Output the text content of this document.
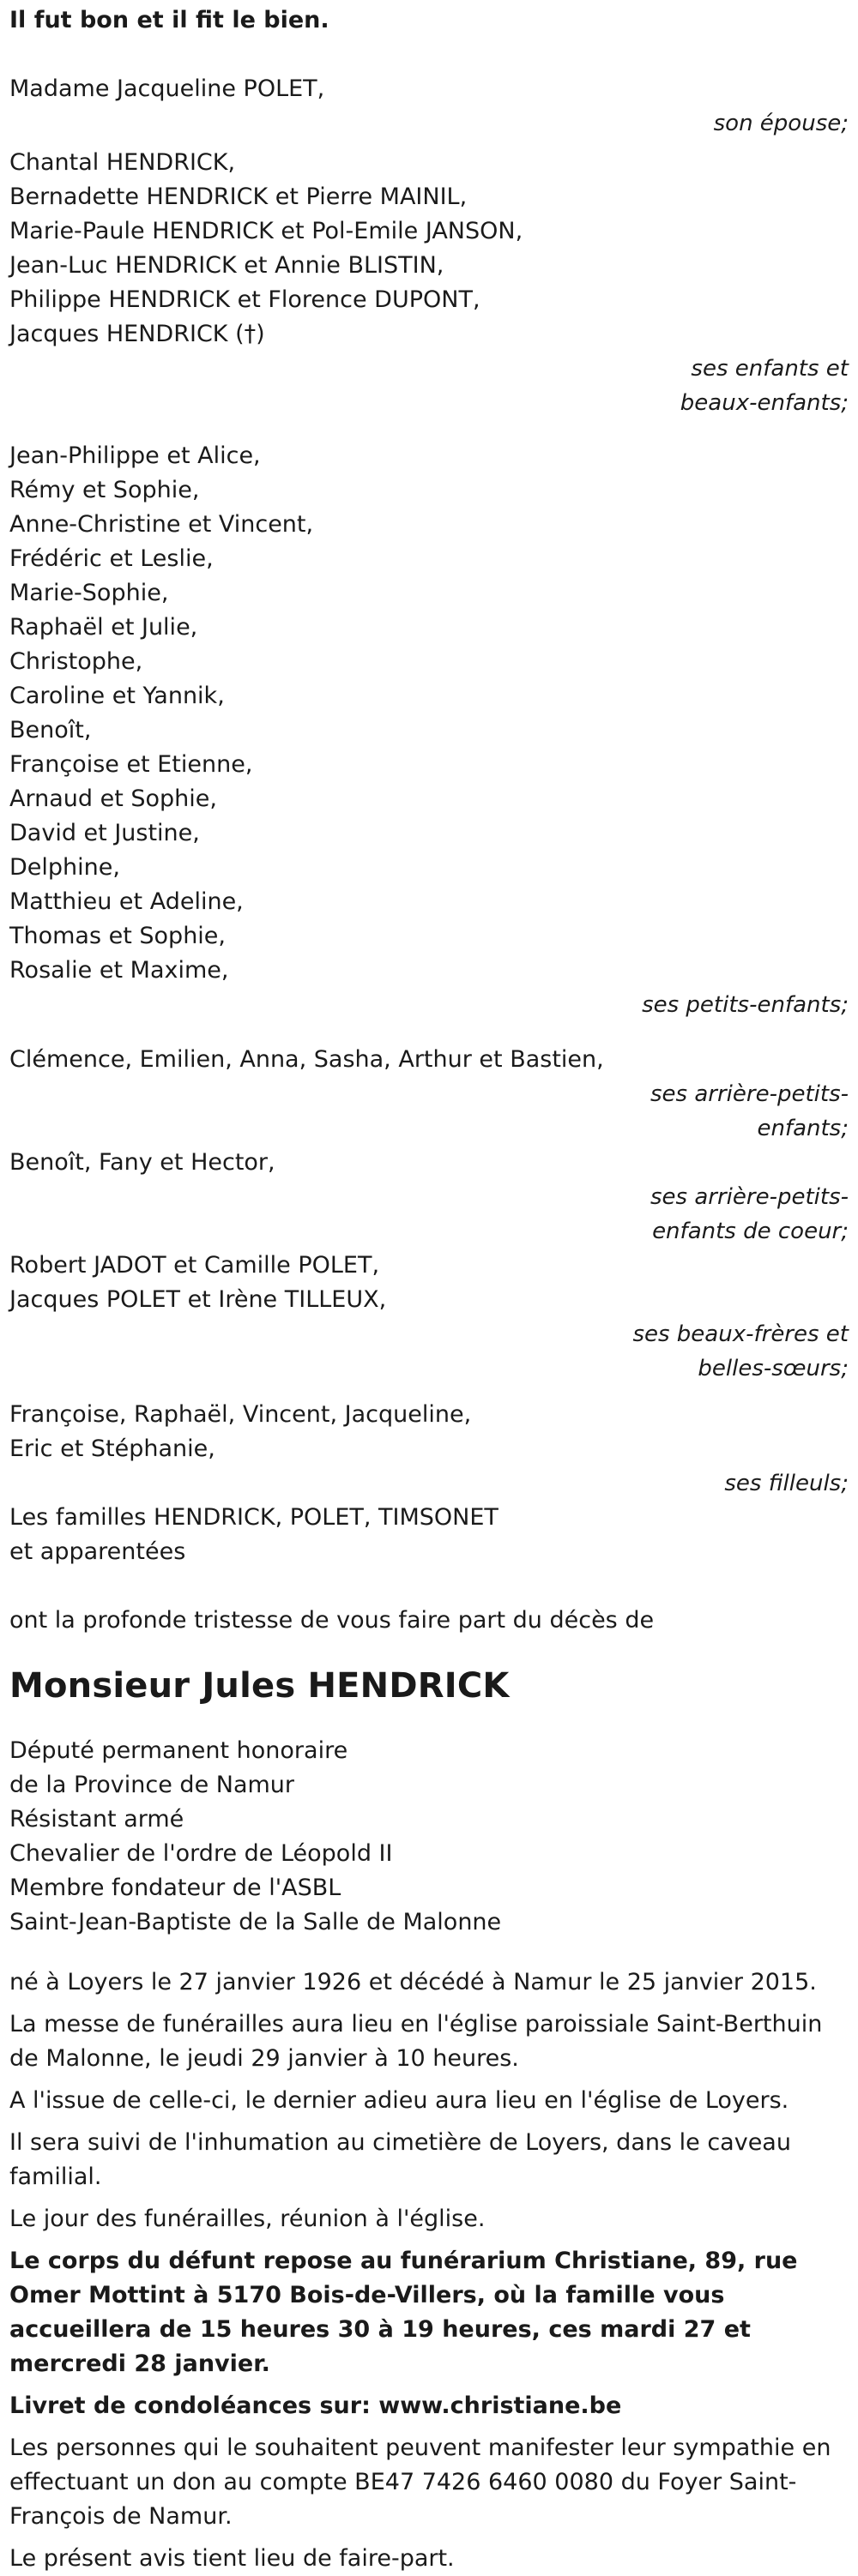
Il fut bon et il fit le bien.
Madame Jacqueline POLET,
son épouse;
Chantal HENDRICK,
Bernadette HENDRICK et Pierre MAINIL,
Marie-Paule HENDRICK et Pol-Emile JANSON,
Jean-Luc HENDRICK et Annie BLISTIN,
Philippe HENDRICK et Florence DUPONT,
Jacques HENDRICK (†)
ses enfants et
beaux-enfants;
Jean-Philippe et Alice,
Rémy et Sophie,
Anne-Christine et Vincent,
Frédéric et Leslie,
Marie-Sophie,
Raphaël et Julie,
Christophe,
Caroline et Yannik,
Benoît,
Françoise et Etienne,
Arnaud et Sophie,
David et Justine,
Delphine,
Matthieu et Adeline,
Thomas et Sophie,
Rosalie et Maxime,
ses petits-enfants;
Clémence, Emilien, Anna, Sasha, Arthur et Bastien,
ses arrière-petits-
enfants;
Benoît, Fany et Hector,
ses arrière-petits-
enfants de coeur;
Robert JADOT et Camille POLET,
Jacques POLET et Irène TILLEUX,
ses beaux-frères et
belles-sœurs;
Françoise, Raphaël, Vincent, Jacqueline,
Eric et Stéphanie,
ses filleuls;
Les familles HENDRICK, POLET, TIMSONET
et apparentées
ont la profonde tristesse de vous faire part du décès de
Monsieur Jules HENDRICK
Député permanent honoraire
de la Province de Namur
Résistant armé
Chevalier de l'ordre de Léopold II
Membre fondateur de l'ASBL
Saint-Jean-Baptiste de la Salle de Malonne

né à Loyers le 27 janvier 1926 et décédé à Namur le 25 janvier 2015.

La messe de funérailles aura lieu en l'église paroissiale Saint-Berthuin de Malonne, le jeudi 29 janvier à 10 heures.

A l'issue de celle-ci, le dernier adieu aura lieu en l'église de Loyers.

Il sera suivi de l'inhumation au cimetière de Loyers, dans le caveau familial.

Le jour des funérailles, réunion à l'église.

Le corps du défunt repose au funérarium Christiane, 89, rue Omer Mottint à 5170 Bois-de-Villers, où la famille vous accueillera de 15 heures 30 à 19 heures, ces mardi 27 et mercredi 28 janvier.

Livret de condoléances sur: www.christiane.be

Les personnes qui le souhaitent peuvent manifester leur sympathie en effectuant un don au compte BE47 7426 6460 0080 du Foyer Saint-François de Namur.

Le présent avis tient lieu de faire-part.
